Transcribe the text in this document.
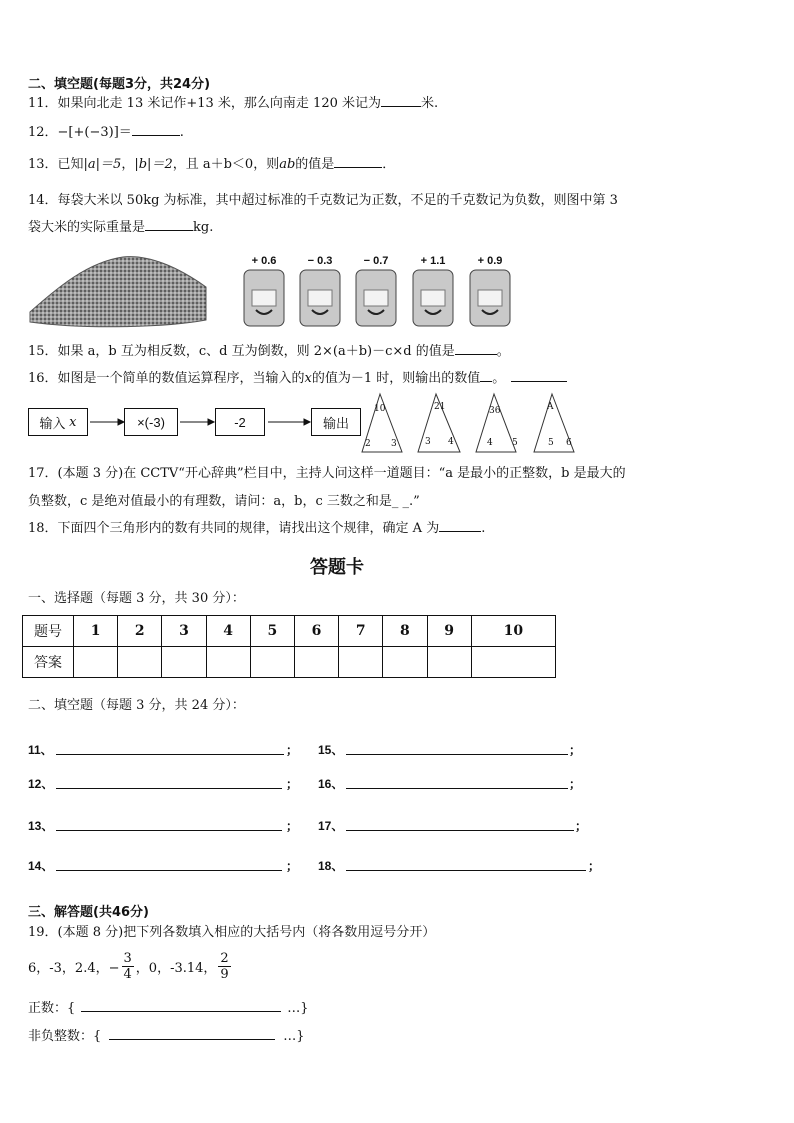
二、填空题(每题3分，共24分)
11．如果向北走 13 米记作+13 米，那么向南走 120 米记为	米.
12．−[+(−3)]＝	.
13．已知|a|＝5，|b|＝2，且 a＋b＜0，则ab的值是	．
14．每袋大米以 50kg 为标准，其中超过标准的千克数记为正数，不足的千克数记为负数，则图中第 3
袋大米的实际重量是	kg.
+ 0.6	− 0.3	− 0.7	+ 1.1	+ 0.9
15．如果 a，b 互为相反数，c、d 互为倒数，则 2×(a＋b)－c×d 的值是	。
16．如图是一个简单的数值运算程序，当输入的x的值为－1 时，则输出的数值 。
输入
x	×(-3)	-2	输出
10
2 3
21
3 4
36
4 5
A
5 6
17．(本题 3 分)在 CCTV“开心辞典”栏目中，主持人问这样一道题目：“a 是最小的正整数，b 是最大的
负整数，c 是绝对值最小的有理数，请问：a，b，c 三数之和是_ _.”
18．下面四个三角形内的数有共同的规律，请找出这个规律，确定 A 为	.
答题卡
一、选择题（每题 3 分，共 30 分）：
题号	1	2	3	4	5	6	7	8	9	10
答案										
二、填空题（每题 3 分，共 24 分）：
11、	； 15、	；
12、	； 16、	；
13、	； 17、	；
14、	； 18、	；
三、解答题(共46分)
19．(本题 8 分)把下列各数填入相应的大括号内（将各数用逗号分开）
6，-3，2.4，− $\frac{3}{4}$ ，0，-3.14， $\frac{2}{9}$
正数：{	…}
非负整数：{	…}
